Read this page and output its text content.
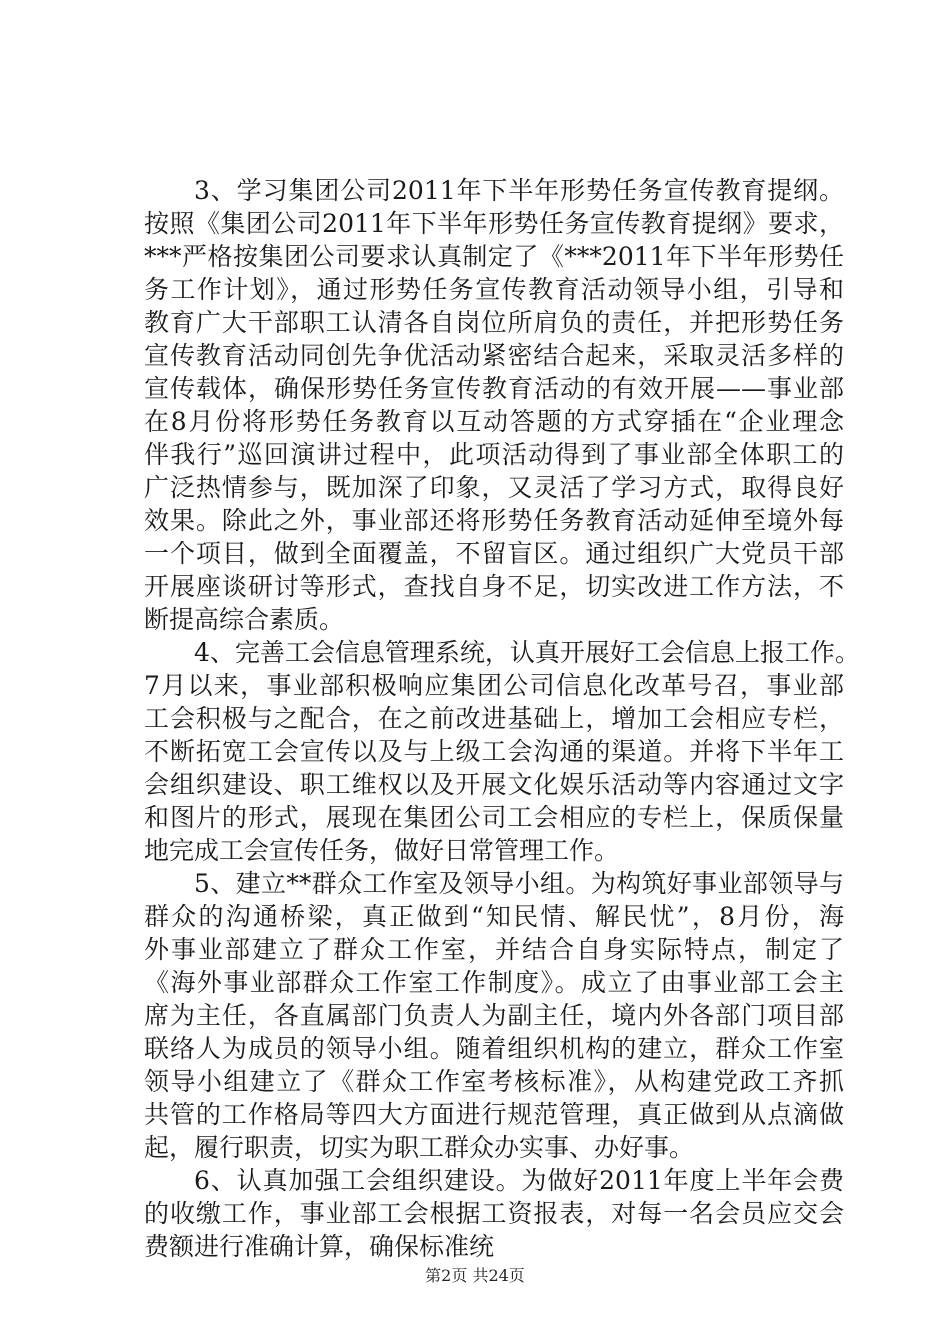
3、学习集团公司2011年下半年形势任务宣传教育提纲。
按照《集团公司2011年下半年形势任务宣传教育提纲》要求，
***严格按集团公司要求认真制定了《***2011年下半年形势任
务工作计划》，通过形势任务宣传教育活动领导小组，引导和
教育广大干部职工认清各自岗位所肩负的责任，并把形势任务
宣传教育活动同创先争优活动紧密结合起来，采取灵活多样的
宣传载体，确保形势任务宣传教育活动的有效开展——事业部
在8月份将形势任务教育以互动答题的方式穿插在“企业理念
伴我行”巡回演讲过程中，此项活动得到了事业部全体职工的
广泛热情参与，既加深了印象，又灵活了学习方式，取得良好
效果。除此之外，事业部还将形势任务教育活动延伸至境外每
一个项目，做到全面覆盖，不留盲区。通过组织广大党员干部
开展座谈研讨等形式，查找自身不足，切实改进工作方法，不
断提高综合素质。
4、完善工会信息管理系统，认真开展好工会信息上报工作。
7月以来，事业部积极响应集团公司信息化改革号召，事业部
工会积极与之配合，在之前改进基础上，增加工会相应专栏，
不断拓宽工会宣传以及与上级工会沟通的渠道。并将下半年工
会组织建设、职工维权以及开展文化娱乐活动等内容通过文字
和图片的形式，展现在集团公司工会相应的专栏上，保质保量
地完成工会宣传任务，做好日常管理工作。
5、建立**群众工作室及领导小组。为构筑好事业部领导与
群众的沟通桥梁，真正做到“知民情、解民忧”，8月份，海
外事业部建立了群众工作室，并结合自身实际特点，制定了
《海外事业部群众工作室工作制度》。成立了由事业部工会主
席为主任，各直属部门负责人为副主任，境内外各部门项目部
联络人为成员的领导小组。随着组织机构的建立，群众工作室
领导小组建立了《群众工作室考核标准》，从构建党政工齐抓
共管的工作格局等四大方面进行规范管理，真正做到从点滴做
起，履行职责，切实为职工群众办实事、办好事。
6、认真加强工会组织建设。为做好2011年度上半年会费
的收缴工作，事业部工会根据工资报表，对每一名会员应交会
费额进行准确计算，确保标准统
第2页 共24页
